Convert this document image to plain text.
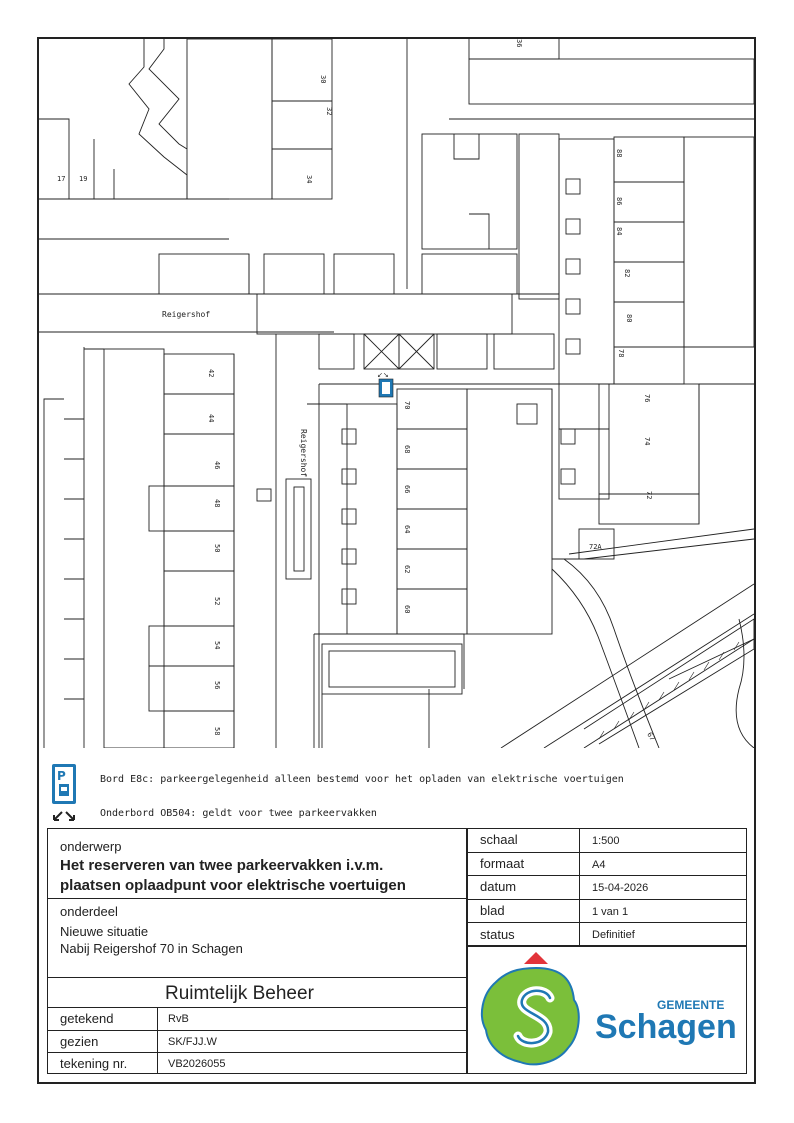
↙↘
Reigershof
Reigershof
36
30
32
34
17 19
88
86
84
82
80
78
76
74
72
72A
42
44
46
48
50
52
54
56
58
70
68
66
64
62
60
67
P	Bord E8c: parkeergelegenheid alleen bestemd voor het opladen van elektrische voertuigen
Onderbord OB504: geldt voor twee parkeervakken
onderwerp
Het reserveren van twee parkeervakken i.v.m.
plaatsen oplaadpunt voor elektrische voertuigen
onderdeel
Nieuwe situatie
Nabij Reigershof 70 in Schagen
Ruimtelijk Beheer
getekend	RvB
gezien	SK/FJJ.W
tekening nr.	VB2026055
schaal	1:500
formaat	A4
datum	15-04-2026
blad	1 van 1
status	Definitief
GEMEENTE
Schagen
